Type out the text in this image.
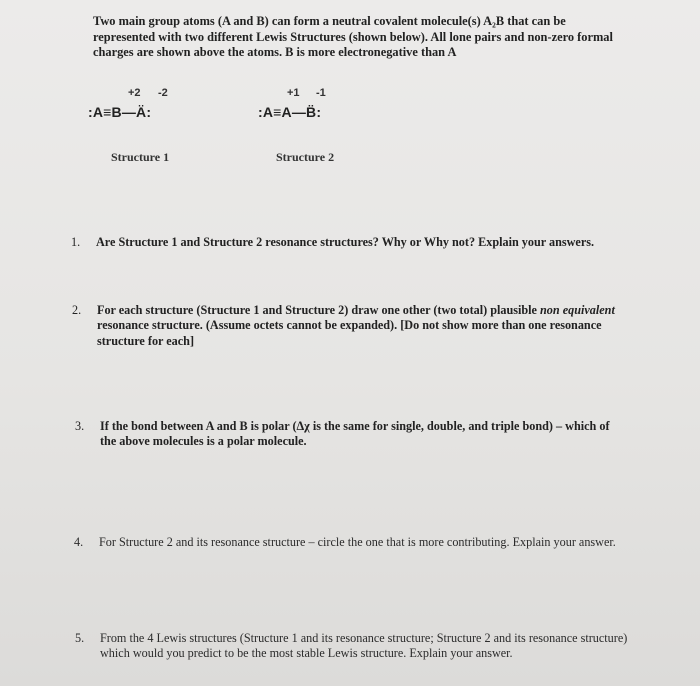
Two main group atoms (A and B) can form a neutral covalent molecule(s) A₂B that can be represented with two different Lewis Structures (shown below). All lone pairs and non-zero formal charges are shown above the atoms. B is more electronegative than A
+2 -2
:A≡B—Ä:
Structure 1
+1 -1
:A≡A—B̈:
Structure 2
1. Are Structure 1 and Structure 2 resonance structures? Why or Why not? Explain your answers.
2. For each structure (Structure 1 and Structure 2) draw one other (two total) plausible non equivalent resonance structure. (Assume octets cannot be expanded). [Do not show more than one resonance structure for each]
3. If the bond between A and B is polar (Δχ is the same for single, double, and triple bond) – which of the above molecules is a polar molecule.
4. For Structure 2 and its resonance structure – circle the one that is more contributing. Explain your answer.
5. From the 4 Lewis structures (Structure 1 and its resonance structure; Structure 2 and its resonance structure) which would you predict to be the most stable Lewis structure. Explain your answer.
